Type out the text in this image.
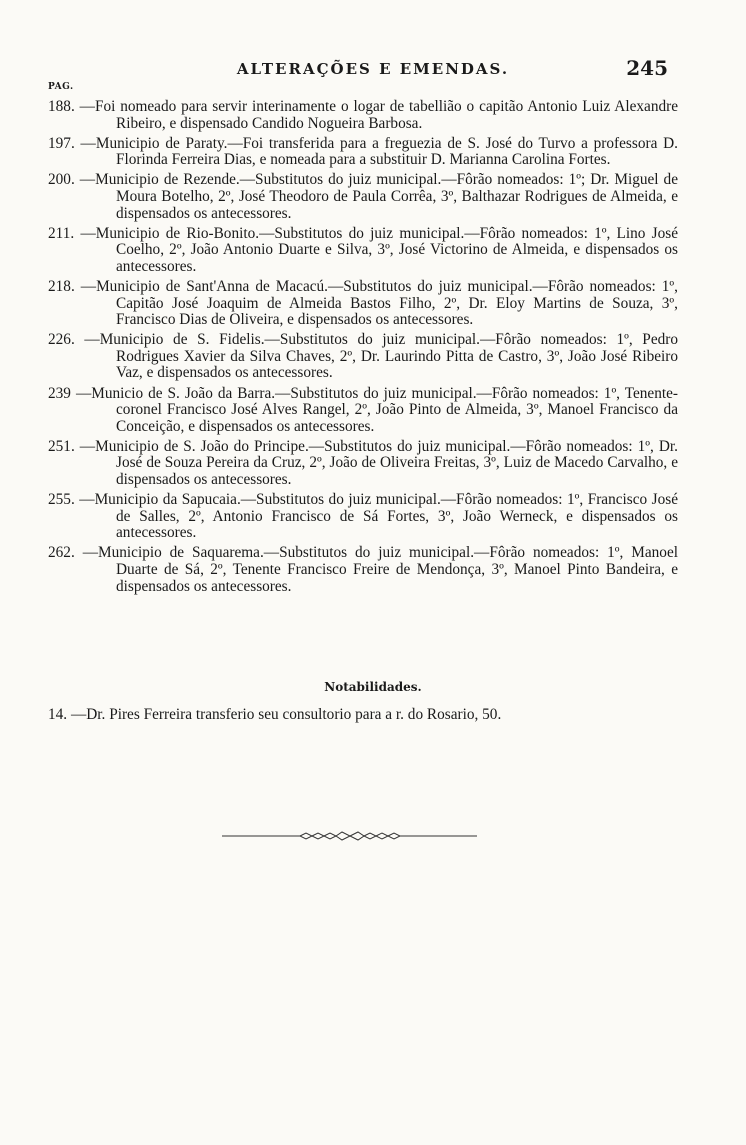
ALTERAÇÕES E EMENDAS.	245
PAG.

188. —Foi nomeado para servir interinamente o logar de tabellião o capitão Antonio Luiz Alexandre Ribeiro, e dispensado Candido Nogueira Barbosa.

197. —Municipio de Paraty.—Foi transferida para a freguezia de S. José do Turvo a professora D. Florinda Ferreira Dias, e nomeada para a substituir D. Marianna Carolina Fortes.

200. —Municipio de Rezende.—Substitutos do juiz municipal.—Fôrão nomeados: 1º; Dr. Miguel de Moura Botelho, 2º, José Theodoro de Paula Corrêa, 3º, Balthazar Rodrigues de Almeida, e dispensados os antecessores.

211. —Municipio de Rio-Bonito.—Substitutos do juiz municipal.—Fôrão nomeados: 1º, Lino José Coelho, 2º, João Antonio Duarte e Silva, 3º, José Victorino de Almeida, e dispensados os antecessores.

218. —Municipio de Sant'Anna de Macacú.—Substitutos do juiz municipal.—Fôrão nomeados: 1º, Capitão José Joaquim de Almeida Bastos Filho, 2º, Dr. Eloy Martins de Souza, 3º, Francisco Dias de Oliveira, e dispensados os antecessores.

226. —Municipio de S. Fidelis.—Substitutos do juiz municipal.—Fôrão nomeados: 1º, Pedro Rodrigues Xavier da Silva Chaves, 2º, Dr. Laurindo Pitta de Castro, 3º, João José Ribeiro Vaz, e dispensados os antecessores.

239 —Municio de S. João da Barra.—Substitutos do juiz municipal.—Fôrão nomeados: 1º, Tenente-coronel Francisco José Alves Rangel, 2º, João Pinto de Almeida, 3º, Manoel Francisco da Conceição, e dispensados os antecessores.

251. —Municipio de S. João do Principe.—Substitutos do juiz municipal.—Fôrão nomeados: 1º, Dr. José de Souza Pereira da Cruz, 2º, João de Oliveira Freitas, 3º, Luiz de Macedo Carvalho, e dispensados os antecessores.

255. —Municipio da Sapucaia.—Substitutos do juiz municipal.—Fôrão nomeados: 1º, Francisco José de Salles, 2º, Antonio Francisco de Sá Fortes, 3º, João Werneck, e dispensados os antecessores.

262. —Municipio de Saquarema.—Substitutos do juiz municipal.—Fôrão nomeados: 1º, Manoel Duarte de Sá, 2º, Tenente Francisco Freire de Mendonça, 3º, Manoel Pinto Bandeira, e dispensados os antecessores.

Notabilidades.
14. —Dr. Pires Ferreira transferio seu consultorio para a r. do Rosario, 50.
